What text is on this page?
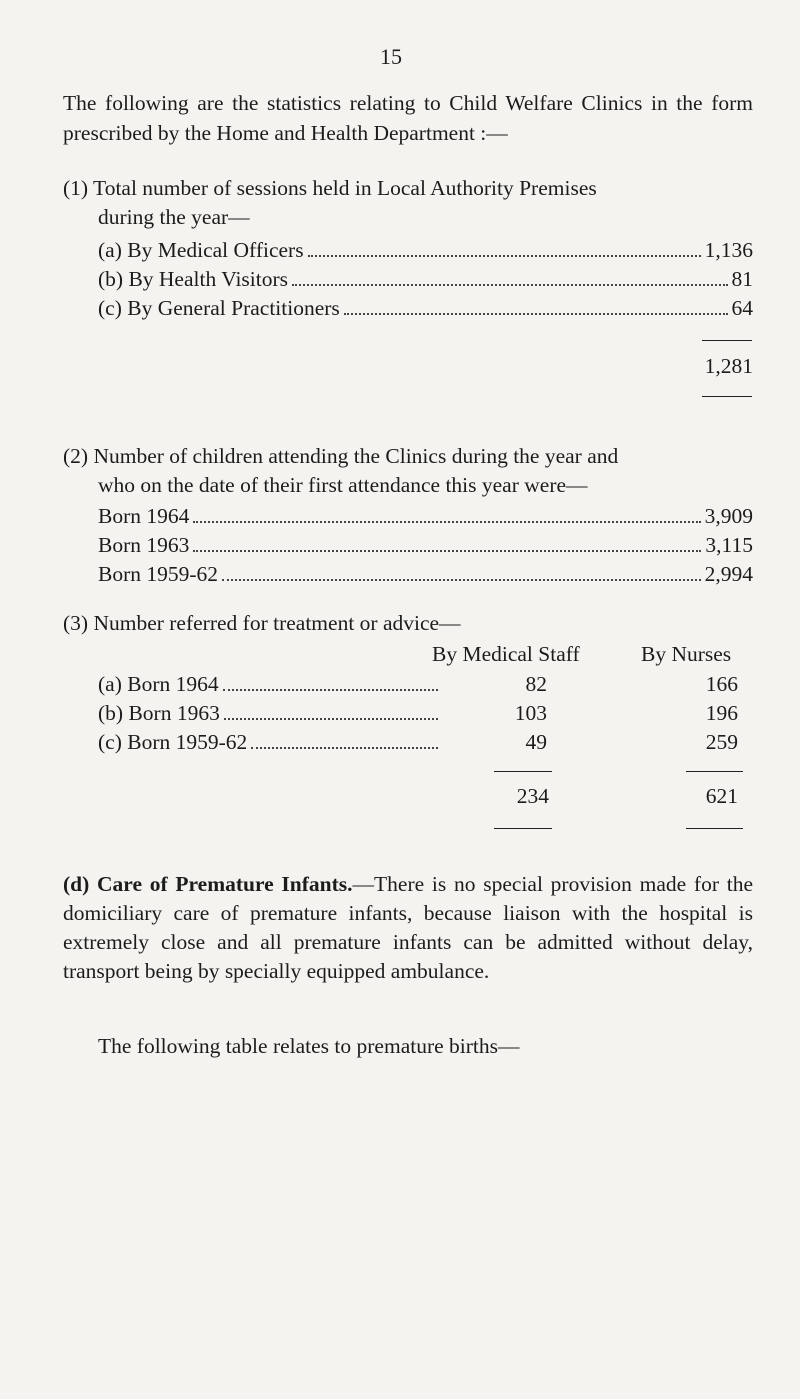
15
The following are the statistics relating to Child Welfare Clinics in the form prescribed by the Home and Health Department :—
(1) Total number of sessions held in Local Authority Premises
during the year—
(a) By Medical Officers	1,136
(b) By Health Visitors	81
(c) By General Practitioners	64
1,281
(2) Number of children attending the Clinics during the year and
who on the date of their first attendance this year were—
Born 1964	3,909
Born 1963	3,115
Born 1959-62	2,994
(3) Number referred for treatment or advice—
By Medical Staff	By Nurses
(a) Born 1964	82	166
(b) Born 1963	103	196
(c) Born 1959-62	49	259
234	621
(d) Care of Premature Infants.—There is no special provision made for the domiciliary care of premature infants, because liaison with the hospital is extremely close and all premature infants can be admitted without delay, transport being by specially equipped ambulance.
The following table relates to premature births—
